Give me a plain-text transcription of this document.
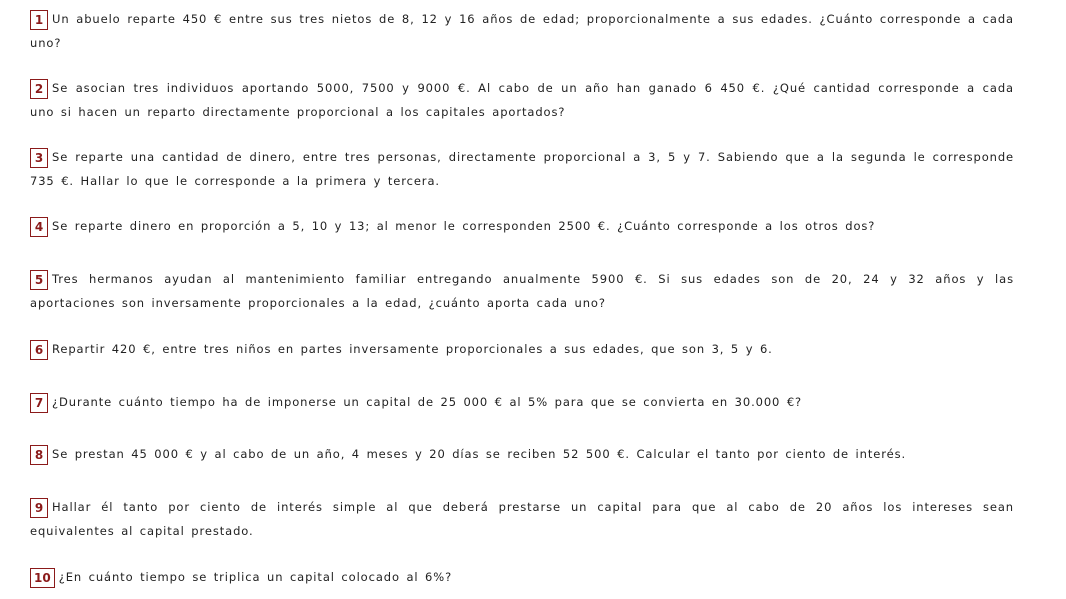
1 Un abuelo reparte 450 € entre sus tres nietos de 8, 12 y 16 años de edad; proporcionalmente a sus edades. ¿Cuánto corresponde a cada uno?
2 Se asocian tres individuos aportando 5000, 7500 y 9000 €. Al cabo de un año han ganado 6 450 €. ¿Qué cantidad corresponde a cada uno si hacen un reparto directamente proporcional a los capitales aportados?
3 Se reparte una cantidad de dinero, entre tres personas, directamente proporcional a 3, 5 y 7. Sabiendo que a la segunda le corresponde 735 €. Hallar lo que le corresponde a la primera y tercera.
4 Se reparte dinero en proporción a 5, 10 y 13; al menor le corresponden 2500 €. ¿Cuánto corresponde a los otros dos?
5 Tres hermanos ayudan al mantenimiento familiar entregando anualmente 5900 €. Si sus edades son de 20, 24 y 32 años y las aportaciones son inversamente proporcionales a la edad, ¿cuánto aporta cada uno?
6 Repartir 420 €, entre tres niños en partes inversamente proporcionales a sus edades, que son 3, 5 y 6.
7 ¿Durante cuánto tiempo ha de imponerse un capital de 25 000 € al 5% para que se convierta en 30.000 €?
8 Se prestan 45 000 € y al cabo de un año, 4 meses y 20 días se reciben 52 500 €. Calcular el tanto por ciento de interés.
9 Hallar él tanto por ciento de interés simple al que deberá prestarse un capital para que al cabo de 20 años los intereses sean equivalentes al capital prestado.
10 ¿En cuánto tiempo se triplica un capital colocado al 6%?
